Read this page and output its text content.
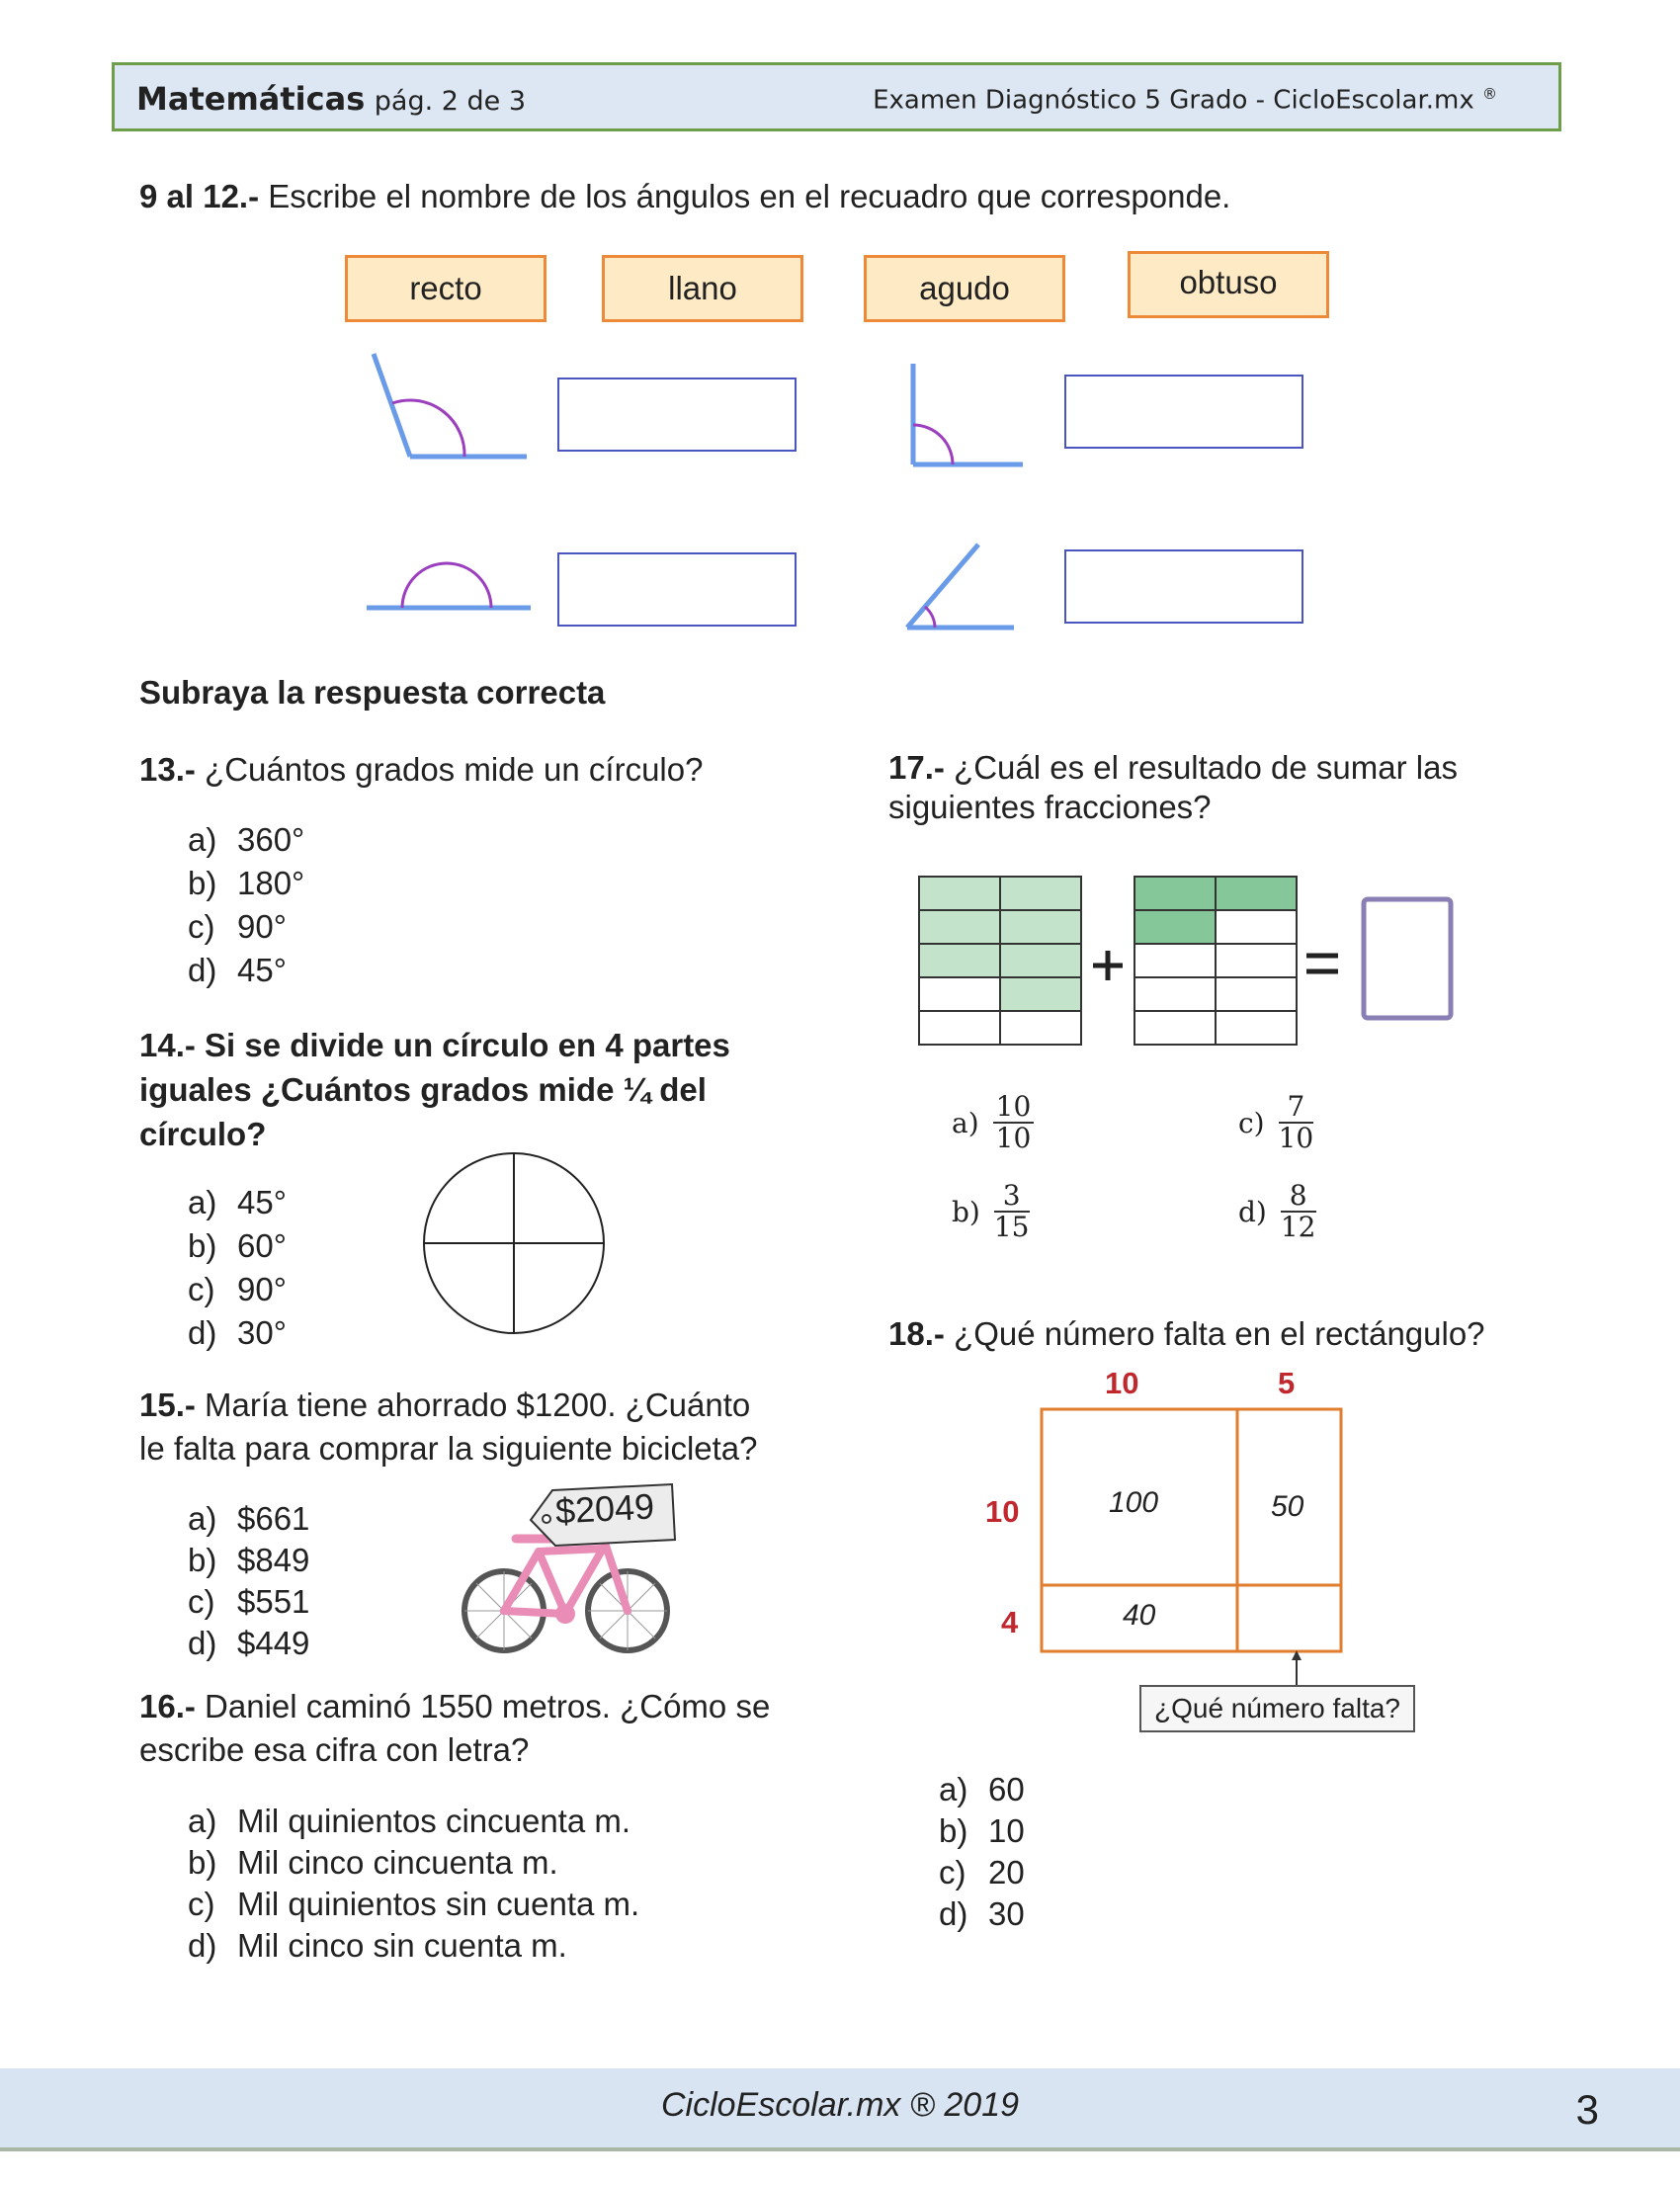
Matemáticas pág. 2 de 3	Examen Diagnóstico 5 Grado - CicloEscolar.mx ®
9 al 12.- Escribe el nombre de los ángulos en el recuadro que corresponde.
recto	llano	agudo	obtuso
Subraya la respuesta correcta
13.- ¿Cuántos grados mide un círculo?
a) 360°
b) 180°
c) 90°
d) 45°
14.- Si se divide un círculo en 4 partes
iguales ¿Cuántos grados mide ¼ del
círculo?
a) 45°
b) 60°
c) 90°
d) 30°
15.- María tiene ahorrado $1200. ¿Cuánto
le falta para comprar la siguiente bicicleta?
a) $661
b) $849
c) $551
d) $449
$2049
16.- Daniel caminó 1550 metros. ¿Cómo se
escribe esa cifra con letra?
a) Mil quinientos cincuenta m.
b) Mil cinco cincuenta m.
c) Mil quinientos sin cuenta m.
d) Mil cinco sin cuenta m.
17.- ¿Cuál es el resultado de sumar las
siguientes fracciones?
$a) \frac{10}{10}$	$c) \frac{7}{10}$
$b) \frac{3}{15}$	$d) \frac{8}{12}$
18.- ¿Qué número falta en el rectángulo?
10	5
10
4
100	50
40
¿Qué número falta?
a) 60
b) 10
c) 20
d) 30
CicloEscolar.mx ® 2019	3
